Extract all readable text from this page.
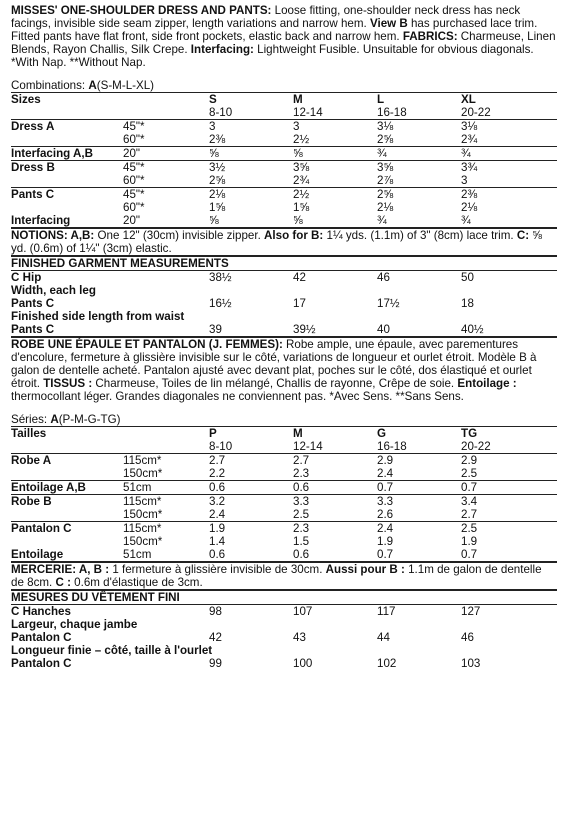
MISSES' ONE-SHOULDER DRESS AND PANTS: Loose fitting, one-shoulder neck dress has neck facings, invisible side seam zipper, length variations and narrow hem. View B has purchased lace trim. Fitted pants have flat front, side front pockets, elastic back and narrow hem. FABRICS: Charmeuse, Linen Blends, Rayon Challis, Silk Crepe. Interfacing: Lightweight Fusible. Unsuitable for obvious diagonals.
*With Nap. **Without Nap.

Combinations: A(S-M-L-XL)
Sizes		S	M	L	XL
		8-10	12-14	16-18	20-22
Dress A	45"*	3	3	3⅛	3⅛
	60"*	2⅜	2½	2⅝	2¾
Interfacing A,B	20"	⅝	⅝	¾	¾
Dress B	45"*	3½	3⅝	3⅝	3¾
	60"*	2⅝	2¾	2⅞	3
Pants C	45"*	2⅛	2½	2⅝	2⅜
	60"*	1⅝	1⅝	2⅛	2⅛
Interfacing	20"	⅝	⅝	¾	¾

NOTIONS: A,B: One 12" (30cm) invisible zipper. Also for B: 1¼ yds. (1.1m) of 3" (8cm) lace trim. C: ⅝ yd. (0.6m) of 1¼" (3cm) elastic.

FINISHED GARMENT MEASUREMENTS				
C Hip	38½	42	46	50
Width, each leg				
Pants C	16½	17	17½	18
Finished side length from waist				
Pants C	39	39½	40	40½

ROBE UNE ÉPAULE ET PANTALON (J. FEMMES): Robe ample, une épaule, avec parementures d'encolure, fermeture à glissière invisible sur le côté, variations de longueur et ourlet étroit. Modèle B à galon de dentelle acheté. Pantalon ajusté avec devant plat, poches sur le côté, dos élastiqué et ourlet étroit. TISSUS : Charmeuse, Toiles de lin mélangé, Challis de rayonne, Crêpe de soie. Entoilage : thermocollant léger. Grandes diagonales ne conviennent pas. *Avec Sens. **Sans Sens.

Séries: A(P-M-G-TG)
Tailles		P	M	G	TG
		8-10	12-14	16-18	20-22
Robe A	115cm*	2.7	2.7	2.9	2.9
	150cm*	2.2	2.3	2.4	2.5
Entoilage A,B	51cm	0.6	0.6	0.7	0.7
Robe B	115cm*	3.2	3.3	3.3	3.4
	150cm*	2.4	2.5	2.6	2.7
Pantalon C	115cm*	1.9	2.3	2.4	2.5
	150cm*	1.4	1.5	1.9	1.9
Entoilage	51cm	0.6	0.6	0.7	0.7

MERCERIE: A, B : 1 fermeture à glissière invisible de 30cm. Aussi pour B : 1.1m de galon de dentelle de 8cm. C : 0.6m d'élastique de 3cm.

MESURES DU VÊTEMENT FINI				
C Hanches	98	107	117	127
Largeur, chaque jambe				
Pantalon C	42	43	44	46
Longueur finie – côté, taille à l'ourlet				
Pantalon C	99	100	102	103
